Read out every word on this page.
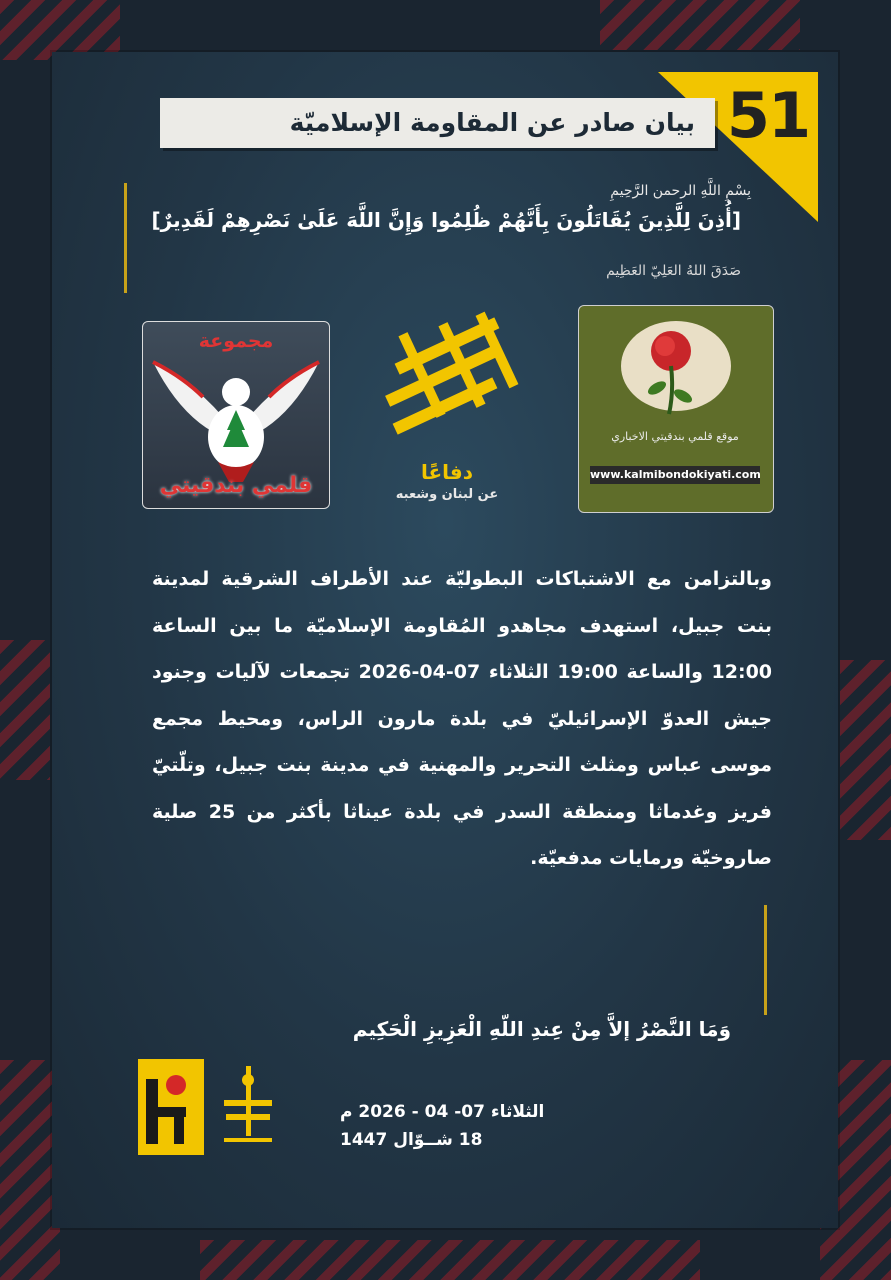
51
بيان صادر عن المقاومة الإسلاميّة
بِسْمِ اللَّهِ الرحمن الرَّحِيمِ
[أُذِنَ لِلَّذِينَ يُقَاتَلُونَ بِأَنَّهُمْ ظُلِمُوا وَإِنَّ اللَّهَ عَلَىٰ نَصْرِهِمْ لَقَدِيرٌ]
صَدَقَ اللهُ العَلِيّ العَظِيم
مجموعة
قلمي بندقيتي
دفاعًا
عن لبنان وشعبه
موقع قلمي بندقيتي الاخباري
www.kalmibondokiyati.com
وبالتزامن مع الاشتباكات البطوليّة عند الأطراف الشرقية لمدينة بنت جبيل، استهدف مجاهدو المُقاومة الإسلاميّة ما بين الساعة 12:00 والساعة 19:00 الثلاثاء 07-04-2026 تجمعات لآليات وجنود جيش العدوّ الإسرائيليّ في بلدة مارون الراس، ومحيط مجمع موسى عباس ومثلث التحرير والمهنية في مدينة بنت جبيل، وتلّتيّ فريز وغدماثا ومنطقة السدر في بلدة عيناثا بأكثر من 25 صلية صاروخيّة ورمايات مدفعيّة.
وَمَا النَّصْرُ إلاَّ مِنْ عِندِ اللّهِ الْعَزِيزِ الْحَكِيم
الثلاثاء 07- 04 - 2026 م
18 شــوّال 1447
